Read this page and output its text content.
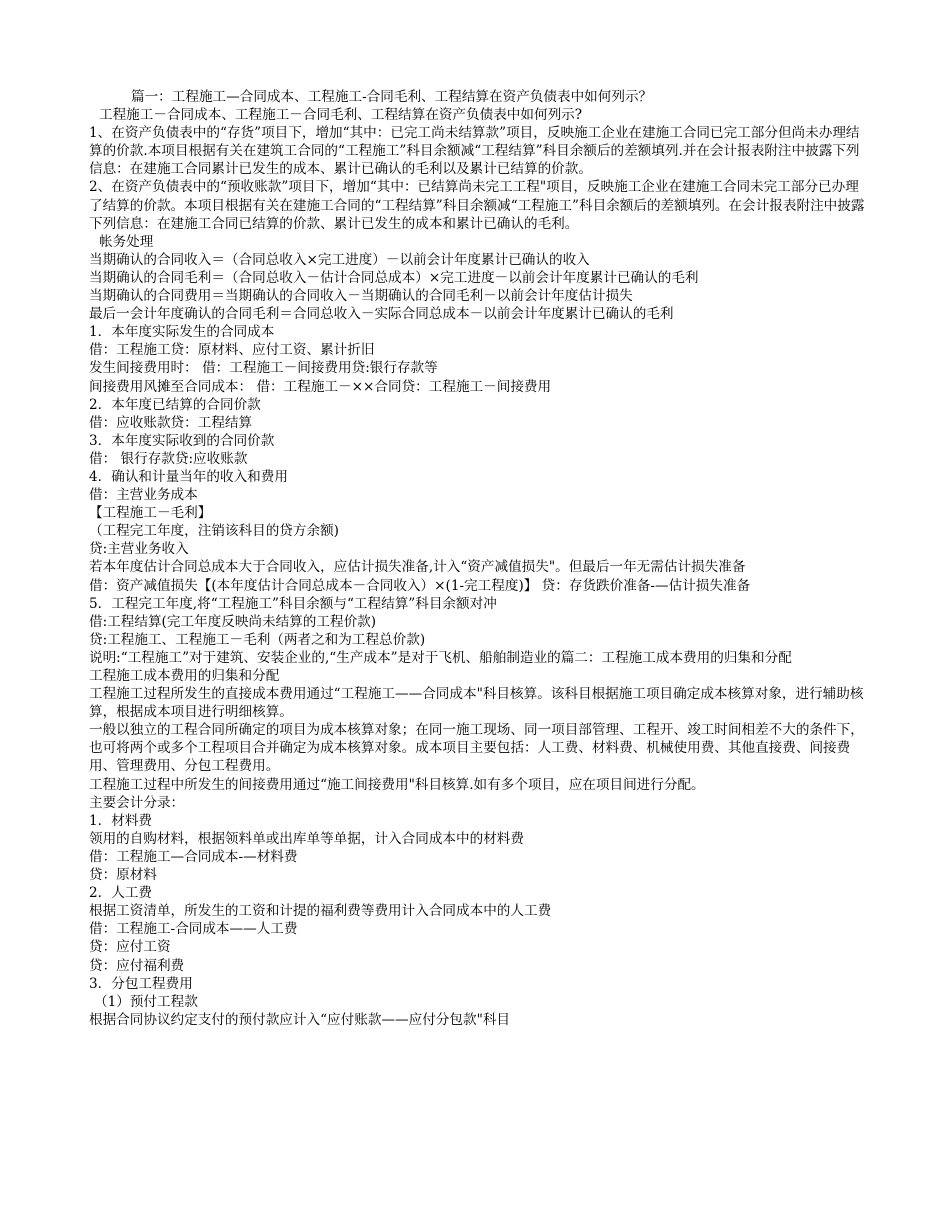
篇一：工程施工—合同成本、工程施工-合同毛利、工程结算在资产负债表中如何列示？

工程施工－合同成本、工程施工－合同毛利、工程结算在资产负债表中如何列示?

1、在资产负债表中的“存货”项目下，增加“其中：已完工尚未结算款”项目，反映施工企业在建施工合同已完工部分但尚未办理结算的价款.本项目根据有关在建筑工合同的“工程施工”科目余额减“工程结算”科目余额后的差额填列.并在会计报表附注中披露下列信息：在建施工合同累计已发生的成本、累计已确认的毛利以及累计已结算的价款。

2、在资产负债表中的“预收账款”项目下，增加“其中：已结算尚未完工工程"项目，反映施工企业在建施工合同未完工部分已办理了结算的价款。本项目根据有关在建施工合同的“工程结算”科目余额减“工程施工”科目余额后的差额填列。在会计报表附注中披露下列信息：在建施工合同已结算的价款、累计已发生的成本和累计已确认的毛利。

帐务处理

当期确认的合同收入＝（合同总收入×完工进度）－以前会计年度累计已确认的收入

当期确认的合同毛利＝（合同总收入－估计合同总成本）×完工进度－以前会计年度累计已确认的毛利

当期确认的合同费用＝当期确认的合同收入－当期确认的合同毛利－以前会计年度估计损失

最后一会计年度确认的合同毛利＝合同总收入－实际合同总成本－以前会计年度累计已确认的毛利

1．本年度实际发生的合同成本

借：工程施工贷：原材料、应付工资、累计折旧

发生间接费用时： 借：工程施工－间接费用贷:银行存款等

间接费用风摊至合同成本： 借：工程施工－××合同贷：工程施工－间接费用

2．本年度已结算的合同价款

借：应收账款贷：工程结算

3．本年度实际收到的合同价款

借： 银行存款贷:应收账款

4．确认和计量当年的收入和费用

借：主营业务成本

【工程施工－毛利】

（工程完工年度，注销该科目的贷方余额)

贷:主营业务收入

若本年度估计合同总成本大于合同收入，应估计损失准备,计入“资产减值损失"。但最后一年无需估计损失准备

借：资产减值损失【(本年度估计合同总成本－合同收入）×(1-完工程度)】 贷：存货跌价准备-—估计损失准备

5．工程完工年度,将“工程施工”科目余额与“工程结算”科目余额对冲

借:工程结算(完工年度反映尚未结算的工程价款)

贷:工程施工、工程施工－毛利（两者之和为工程总价款)

说明:“工程施工”对于建筑、安装企业的,“生产成本”是对于飞机、船舶制造业的篇二：工程施工成本费用的归集和分配

工程施工成本费用的归集和分配

工程施工过程所发生的直接成本费用通过“工程施工——合同成本"科目核算。该科目根据施工项目确定成本核算对象，进行辅助核算，根据成本项目进行明细核算。

一般以独立的工程合同所确定的项目为成本核算对象；在同一施工现场、同一项目部管理、工程开、竣工时间相差不大的条件下，也可将两个或多个工程项目合并确定为成本核算对象。成本项目主要包括：人工费、材料费、机械使用费、其他直接费、间接费用、管理费用、分包工程费用。

工程施工过程中所发生的间接费用通过“施工间接费用"科目核算.如有多个项目，应在项目间进行分配。

主要会计分录：

1．材料费

领用的自购材料，根据领料单或出库单等单据，计入合同成本中的材料费

借：工程施工—合同成本-—材料费

贷：原材料

2．人工费

根据工资清单，所发生的工资和计提的福利费等费用计入合同成本中的人工费

借：工程施工-合同成本——人工费

贷：应付工资

贷：应付福利费

3．分包工程费用

（1）预付工程款

根据合同协议约定支付的预付款应计入“应付账款——应付分包款"科目
